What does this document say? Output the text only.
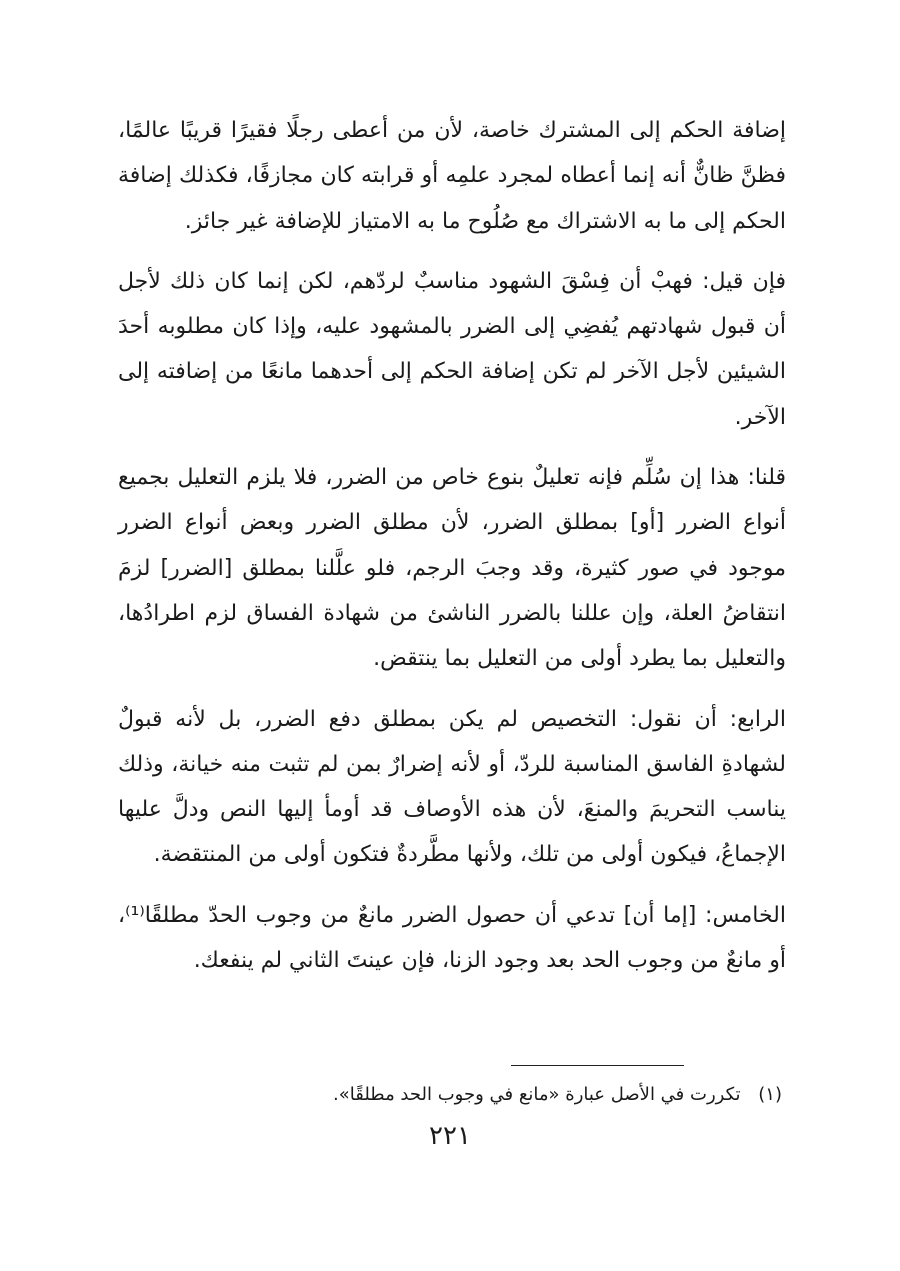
إضافة الحكم إلى المشترك خاصة، لأن من أعطى رجلًا فقيرًا قريبًا عالمًا، فظنَّ ظانٌّ أنه إنما أعطاه لمجرد علمِه أو قرابته كان مجازفًا، فكذلك إضافة الحكم إلى ما به الاشتراك مع صُلُوح ما به الامتياز للإضافة غير جائز.

فإن قيل: فهبْ أن فِسْقَ الشهود مناسبٌ لردّهم، لكن إنما كان ذلك لأجل أن قبول شهادتهم يُفضِي إلى الضرر بالمشهود عليه، وإذا كان مطلوبه أحدَ الشيئين لأجل الآخر لم تكن إضافة الحكم إلى أحدهما مانعًا من إضافته إلى الآخر.

قلنا: هذا إن سُلِّم فإنه تعليلٌ بنوع خاص من الضرر، فلا يلزم التعليل بجميع أنواع الضرر [أو] بمطلق الضرر، لأن مطلق الضرر وبعض أنواع الضرر موجود في صور كثيرة، وقد وجبَ الرجم، فلو علَّلنا بمطلق [الضرر] لزمَ انتقاضُ العلة، وإن عللنا بالضرر الناشئ من شهادة الفساق لزم اطرادُها، والتعليل بما يطرد أولى من التعليل بما ينتقض.

الرابع: أن نقول: التخصيص لم يكن بمطلق دفع الضرر، بل لأنه قبولٌ لشهادةِ الفاسق المناسبة للردّ، أو لأنه إضرارٌ بمن لم تثبت منه خيانة، وذلك يناسب التحريمَ والمنعَ، لأن هذه الأوصاف قد أومأ إليها النص ودلَّ عليها الإجماعُ، فيكون أولى من تلك، ولأنها مطَّردةٌ فتكون أولى من المنتقضة.

الخامس: [إما أن] تدعي أن حصول الضرر مانعٌ من وجوب الحدّ مطلقًا⁽¹⁾، أو مانعٌ من وجوب الحد بعد وجود الزنا، فإن عينتَ الثاني لم ينفعك.

(١) تكررت في الأصل عبارة «مانع في وجوب الحد مطلقًا».
٢٢١
